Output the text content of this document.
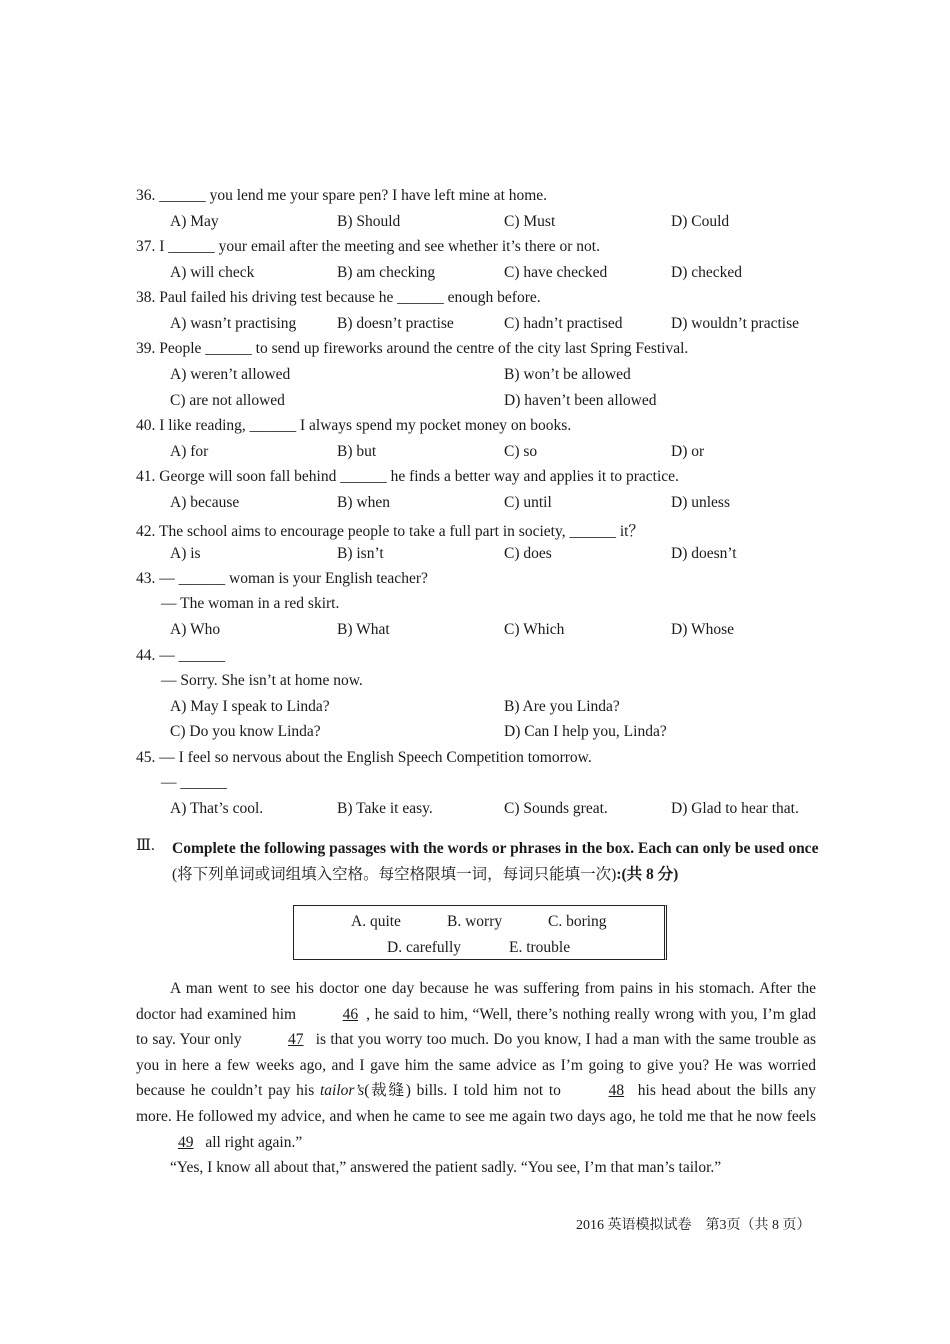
36. ______ you lend me your spare pen? I have left mine at home.
A) May	B) Should	C) Must	D) Could
37. I ______ your email after the meeting and see whether it’s there or not.
A) will check	B) am checking	C) have checked	D) checked
38. Paul failed his driving test because he ______ enough before.
A) wasn’t practising	B) doesn’t practise	C) hadn’t practised	D) wouldn’t practise
39. People ______ to send up fireworks around the centre of the city last Spring Festival.
A) weren’t allowed	B) won’t be allowed
C) are not allowed	D) haven’t been allowed
40. I like reading, ______ I always spend my pocket money on books.
A) for	B) but	C) so	D) or
41. George will soon fall behind ______ he finds a better way and applies it to practice.
A) because	B) when	C) until	D) unless
42. The school aims to encourage people to take a full part in society, ______ it？
A) is	B) isn’t	C) does	D) doesn’t
43. — ______ woman is your English teacher?
— The woman in a red skirt.
A) Who	B) What	C) Which	D) Whose
44. — ______
— Sorry. She isn’t at home now.
A) May I speak to Linda?	B) Are you Linda?
C) Do you know Linda?	D) Can I help you, Linda?
45. — I feel so nervous about the English Speech Competition tomorrow.
— ______
A) That’s cool.	B) Take it easy.	C) Sounds great.	D) Glad to hear that.
Ⅲ. Complete the following passages with the words or phrases in the box. Each can only be used once (将下列单词或词组填入空格。每空格限填一词，每词只能填一次):(共 8 分)
A. quite	B. worry	C. boring
D. carefully	E. trouble
A man went to see his doctor one day because he was suffering from pains in his stomach. After the doctor had examined him	46 , he said to him, “Well, there’s nothing really wrong with you, I’m glad to say. Your only	47 is that you worry too much. Do you know, I had a man with the same trouble as you in here a few weeks ago, and I gave him the same advice as I’m going to give you? He was worried because he couldn’t pay his tailor’s(裁缝) bills. I told him not to	48 his head about the bills any more. He followed my advice, and when he came to see me again two days ago, he told me that he now feels 49 all right again.”
“Yes, I know all about that,” answered the patient sadly. “You see, I’m that man’s tailor.”
2016 英语模拟试卷　第3页（共 8 页）
